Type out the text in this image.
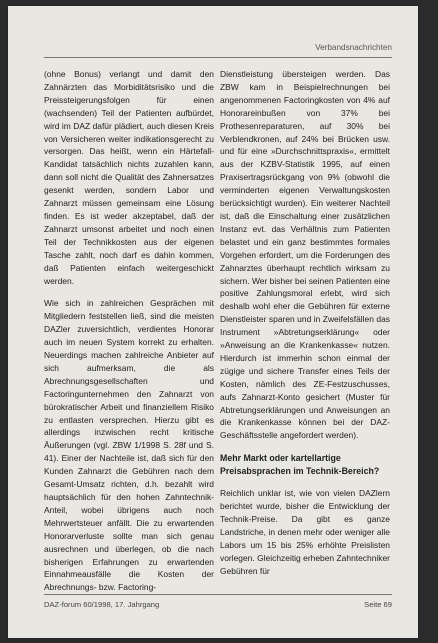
Verbandsnachrichten

(ohne Bonus) verlangt und damit den Zahnärzten das Morbiditätsrisiko und die Preissteigerungsfolgen für einen (wachsenden) Teil der Patienten aufbürdet, wird im DAZ dafür plädiert, auch diesen Kreis von Versicheren weiter indikationsgerecht zu versorgen. Das heißt, wenn ein Härtefall-Kandidat tatsächlich nichts zuzahlen kann, dann soll nicht die Qualität des Zahnersatzes gesenkt werden, sondern Labor und Zahnarzt müssen gemeinsam eine Lösung finden. Es ist weder akzeptabel, daß der Zahnarzt umsonst arbeitet und noch einen Teil der Technikkosten aus der eigenen Tasche zahlt, noch darf es dahin kommen, daß Patienten einfach weitergeschickt werden.

Wie sich in zahlreichen Gesprächen mit Mitgliedern feststellen ließ, sind die meisten DAZler zuversichtlich, verdientes Honorar auch im neuen System korrekt zu erhalten. Neuerdings machen zahlreiche Anbieter auf sich aufmerksam, die als Abrechnungsgesellschaften und Factoringunternehmen den Zahnarzt von bürokratischer Arbeit und finanziellem Risiko zu entlasten versprechen. Hierzu gibt es allerdings inzwischen recht kritische Äußerungen (vgl. ZBW 1/1998 S. 28f und S. 41). Einer der Nachteile ist, daß sich für den Kunden Zahnarzt die Gebühren nach dem Gesamt-Umsatz richten, d.h. bezahlt wird hauptsächlich für den hohen Zahntechnik-Anteil, wobei übrigens auch noch Mehrwertsteuer anfällt. Die zu erwartenden Honorarverluste sollte man sich genau ausrechnen und überlegen, ob die nach bisherigen Erfahrungen zu erwartenden Einnahmeausfälle die Kosten der Abrechnungs- bzw. Factoring-

Dienstleistung übersteigen werden. Das ZBW kam in Beispielrechnungen bei angenommenen Factoringkosten von 4% auf Honorareinbußen von 37% bei Prothesenreparaturen, auf 30% bei Verblendkronen, auf 24% bei Brücken usw. und für eine »Durchschnittspraxis«, ermittelt aus der KZBV-Statistik 1995, auf einen Praxisertragsrückgang von 9% (obwohl die verminderten eigenen Verwaltungskosten berücksichtigt wurden). Ein weiterer Nachteil ist, daß die Einschaltung einer zusätzlichen Instanz evt. das Verhältnis zum Patienten belastet und ein ganz bestimmtes formales Vorgehen erfordert, um die Forderungen des Zahnarztes überhaupt rechtlich wirksam zu sichern. Wer bisher bei seinen Patienten eine positive Zahlungsmoral erlebt, wird sich deshalb wohl eher die Gebühren für externe Dienstleister sparen und in Zweifelsfällen das Instrument »Abtretungserklärung« oder »Anweisung an die Krankenkasse« nutzen. Hierdurch ist immerhin schon einmal der zügige und sichere Transfer eines Teils der Kosten, nämlich des ZE-Festzuschusses, aufs Zahnarzt-Konto gesichert (Muster für Abtretungserklärungen und Anweisungen an die Krankenkasse können bei der DAZ-Geschäftsstelle angefordert werden).

Mehr Markt oder kartellartige Preisabsprachen im Technik-Bereich?

Reichlich unklar ist, wie von vielen DAZlern berichtet wurde, bisher die Entwicklung der Technik-Preise. Da gibt es ganze Landstriche, in denen mehr oder weniger alle Labors um 15 bis 25% erhöhte Preislisten vorlegen. Gleichzeitig erheben Zahntechniker Gebühren für

DAZ-forum 60/1998, 17. Jahrgang	Seite 69
